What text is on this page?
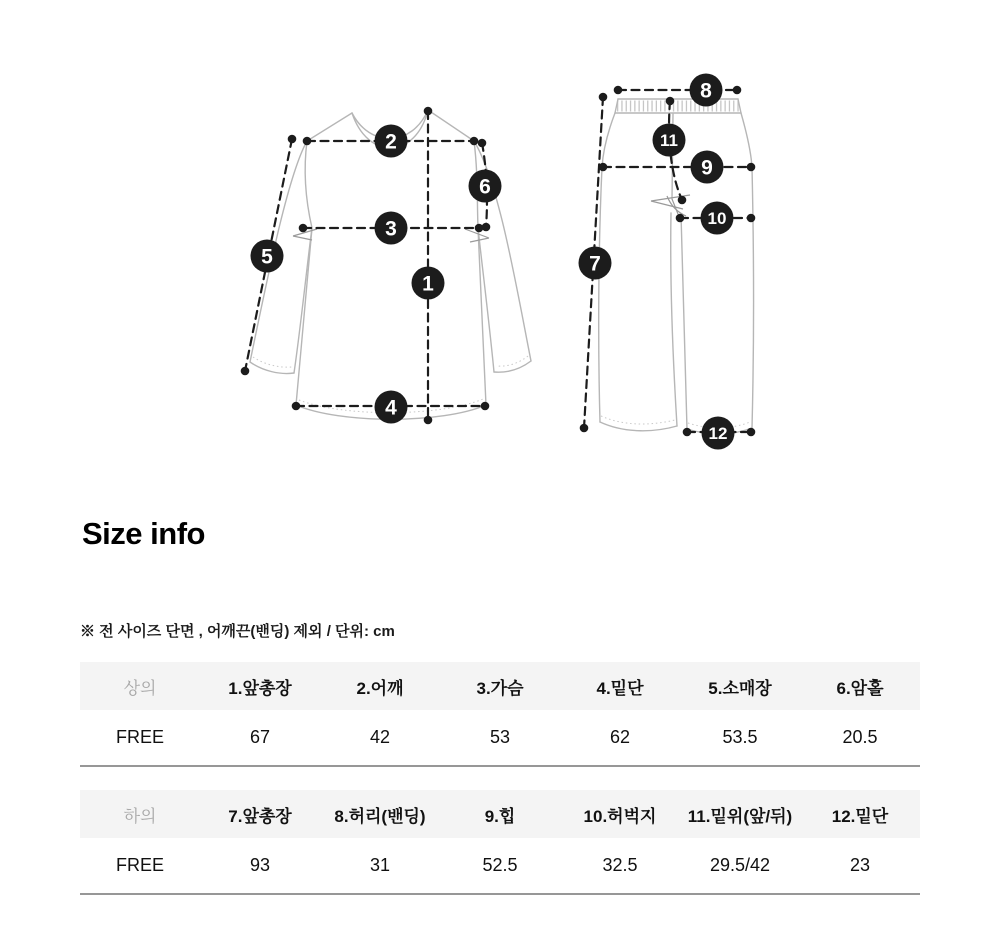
1
2
3
4
5
6
7
8
9
10
11
12
Size info
※ 전 사이즈 단면 , 어깨끈(밴딩) 제외 / 단위: cm
상의	1.앞총장	2.어깨	3.가슴	4.밑단	5.소매장	6.암홀
FREE	67	42	53	62	53.5	20.5
하의	7.앞총장	8.허리(밴딩)	9.힙	10.허벅지	11.밑위(앞/뒤)	12.밑단
FREE	93	31	52.5	32.5	29.5/42	23
